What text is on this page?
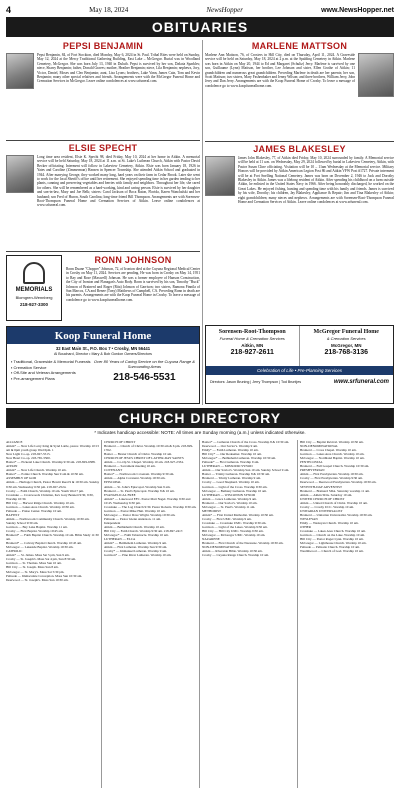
4	May 18, 2024	NewsHopper	www.NewsHopper.net
OBITUARIES
PEPSI BENJAMIN
Pepsi Benjamin, 84, of Fort Stockton, died Monday, May 6, 2024 in St. Paul. Tribal Rites were held on Sunday, May 12, 2024 at the Mercy Traditional Gathering Building, East Lake – McGregor. Burial was in Woodland Cemetery, McGregor. She was born July 13, 1940 in Duluth. Pepsi is survived by her son, Dakota Sparkles; niece, Sharry Benjamin; father, Donald Graves; mother, Heather Benjamin; niece, Lila Benjamin; nephews, Jory, Victor, Daniel, Moses and Cleo Benjamin; aunt, Lisa Lyons; brothers, Luke Vann, James Cain, Tom and Kevin Benjamin; many other special relatives and friends. Arrangements were with the McGregor Funeral Home and Cremation Services in McGregor. Leave online condolences at www.srfuneral.com.
ELSIE SPECHT
Long time area resident, Elsie K. Specht 98, died Friday, May 10, 2024 at her home in Aitkin. A memorial service will be held Saturday, May 18, 2024 at 11 a.m. at St. Luke's Lutheran Church, Aitkin with Pastor David Becker officiating. Interment will follow in Lakeview Cemetery, Aitkin. Elsie was born January 18, 1926 in Yates and Caroline (Zimmerman) Hansen in Spencer Township. She attended Aitkin School and graduated in 1944. After marrying George, they worked many long, hard years on their farm in Cedar Brook. Later she went to work for the local Sheriff's office until her retirement. She enjoyed spending time in her garden tending to her plants, canning and preserving vegetables and berries with family and neighbors. Throughout her life, she cared for others. She will be remembered as a hard-working, kind and caring person. Elsie is survived by her daughter and son-in-law, Mary and Joe Belk; sisters: Carol Jackson of Boca Raton, Florida, Karen Wanchalski and her husband; son Fred of Huron, South Carolina; long-time friend Bill Thompson. Arrangements are with Sorensen-Root-Thompson Funeral Home and Cremation Services of Aitkin. Leave online condolences at www.srfuneral.com.
MEMORIALS
Blomgren-Wennberg
218-927-3300
RONN JOHNSON
Ronn Duane "Chopper" Johnson, 72, of Ironton died at the Cuyuna Regional Medical Center in Crosby on May 11, 2024. Services are pending. He was born in Crosby on May 14, 1951 to Ray and Rose (Maxwell) Johnson. He was a former employee of Hanson Construction, the City of Ironton and Flanagan's Auto Body. Ronn is survived by his son, Timothy "Buck" Johnson of Brainerd and Roger (Rita) Johnson of Garrison; two sisters, Ramona Finnila of San Marcos, CA and Renee (Tony) Matthews of Campbell, CA. Preceding Ronn in death are his parents. Arrangements are with the Koop Funeral Home in Crosby. To leave a message of condolence go to www.koopfuneralhome.com.
Koop Funeral Home
32 East Main St., P.O. Box 7 • Crosby, MN 56441
Al Bouchard, Director • Mary & Bob Gordon Owners/Directors
▪ Traditional, Graveside & Memorial Funerals
▪ Cremation Service
▪ Off-Site and Veteran Arrangements
▪ Pre-arrangement Plans
Over 80 Years of Caring Service on the Cuyuna Range & Surrounding Areas
218-546-5531
MARLENE MATTSON
Marlene Ann Mattson, 76, of Crosiers in Hill City, died on Thursday, April 11, 2024. A Graveside service will be held on Saturday, May 18, 2024 at 2 p.m. at the Spalding Cemetery in Aitkin. Marlene was born in Aitkin on May 20, 1944 to Ed and Margaret (Schultz) Jerry. Marlene is survived by one son, Guillaume (Lynn) Mattson, her brother, Lee Johnson and sister, Ellen Grothe of Aitkin; 11 grandchildren and numerous great grandchildren. Preceding Marlene in death are her parents; her son, Scott Mattson; two sisters, Mary Fashenbaker and Jenny Wilson; and three brothers, William Jerry, John Jerry and Dan Jerry. Arrangements are with the Koop Funeral Home of Crosby. To leave a message of condolence go to www.koopfuneralhome.com.
JAMES BLAKESLEY
James John Blakesley, 77, of Aitkin died Friday, May 10, 2024 surrounded by family. A Memorial service will be held at 11 a.m. on Wednesday, May 29, 2024 followed by burial in Lakeview Cemetery, Aitkin, with Pastor Susan Cline officiating. Visitation will be 10 – 11am Wednesday at the Memorial service. Military Honors will be provided by Aitkin American Legion Post 86 and Aitkin VFW Post #1727. Private interment will be at Fort Snelling National Cemetery. James was born on December 2, 1946 to Jack and Dorothy Blakesley in Aitkin. James was a lifelong resident of Aitkin. After spending his childhood on a farm outside Aitkin, he enlisted in the United States Navy in 1966. After being honorably discharged, he worked on the Great Lakes. He enjoyed fishing, hunting and spending time with his family and friends. James is survived by his wife, Dorothy; his children, Jay Blakesley, Appliance & Repair; Jim and Tina Blakesley of Aitkin; eight grandchildren; many nieces and nephews. Arrangements are with Sorensen-Root-Thompson Funeral Home and Cremation Services of Aitkin. Leave online condolences at www.srfuneral.com.
Sorensen-Root-Thompson
Funeral Home & Cremation Services
Aitkin, MN
218-927-2611
McGregor Funeral Home
& Cremation Services
McGregor, MN
218-768-3136
Celebration of Life • Pre-Planning Services
Directors: Jason Bruning | Jerry Thompson | Tod Bruntjes	www.srfuneral.com
CHURCH DIRECTORY
* Indicates handicap accessible: NOTE: All times are Sunday morning (a.m.) unless indicated otherwise.
ALLIANCE
Aitkin* — New Life Larry King & Synd Lattle, pastor. Worship 10:15 am & 6pm youth group Wed 6pm. 1
New Light Co-op. 218-927-5515.
New Heart Co-op. 218-765-3500.
Baxter* — Pickerel Lake Church. Worship 9:30 am. 218-829-6388.
AITKIN
Aitkin* — New Life Church. Worship 10 am.
Baxter* — Pointe Church. Worship Sun 9 am & 10:30 am.
ASSEMBLY OF GOD
Aitkin — Heritage Church, Pastor Hewitt Reed 9 & 10:30 am. Sunday 9:30 am. Wednesday 6:30 pm. 218-927-2524.
Crosby — Faith Church, Worship 10 am. Youth Wed 7 pm.
Crosslake — Crosswoods Christian, Kev Gary Bennett 9:30, 9:30, Worship 10:30.
Hill City — Harvest Ridge Church. Worship 10 am.
Garrison — Lakes Area Church. Worship 10:30 am.
Palisade — Praise Center. Worship 10 am.
BAPTIST
Aitkin — Northwoods Community Church. Worship 10:30 am. Sunday School 9:30 am.
Garrison — Bay Lake Baptist. Worship 11 am.
Crosby — First Baptist. Worship 10:45 am.
Brainerd* — Faith Baptist Church. Worship 10 am. Bible Study 11:30 am.
Brainerd* — Calvary Baptist Church. Worship 10:45 am.
McGregor — Lakeside Baptist. Worship 10:30 am.
CATHOLIC
Aitkin* — St. James. Mass Sat 5 pm, Sun 9 am.
Crosby — St. Joseph's. Mass Sat 4 pm, Sun 8:30 am.
Garrison — St. Thomas. Mass Sun 10 am.
Hill City — St. Joseph. Mass Sun 8 am.
McGregor — St. Mary's. Mass Sat 5:30 pm.
Palisade — Immaculate Conception. Mass Sun 10:30 am.
Deerwood — St. Joseph's. Mass Sun 10:30 am.
CHURCH OF CHRIST
Brainerd — Church of Christ. Worship 10:30 am & 6 pm. 218-829-1762.
Baxter — Baxter Church of Christ. Worship 10 am.
CHURCH OF JESUS CHRIST OF LATTER-DAY SAINTS
Aitkin — Co-Op St. Chapel. Worship 10 am. 218-927-2334.
Brainerd — Sacrament meeting 10 am.
COVENANT
Baxter* — Northwoods Covenant. Worship 9:30 am.
Aitkin — Alpha Covenant. Worship 10:30 am.
EPISCOPAL
Aitkin — St. John's Episcopal. Worship Sun 9 am.
Brainerd — St. Paul's Episcopal. Worship 8 & 10 am.
EVANGELICAL FREE
Aitkin* — Lakewood EFC. Pastor Matt Nagel. Worship 9:30 and 10:45. Wednesday 6:30 pm.
Crosslake — The Log Church 9:30. Pastor Roberts. Worship 9:30 am.
Garrison — Pastor Mike Hutt. Worship 10 am.
McGregor — Pastor Dave Wright. Worship 10:30 am.
Palisade — Pastor Glenn Anderson. 11 am.
Independent
Aitkin — Bethlehem Church. Worship 10 am.
Hill City — Faith Church. Worship 9:30 am. 218-697-2417.
McGregor* — Faith Tabernacle. Worship 10 am.
LUTHERAN — ELCA
Aitkin* — Bethlehem Lutheran. Worship 9 am.
Aitkin — First Lutheran. Worship Sun 9:30 am.
Crosby* — Immanuel Lutheran. Worship 9 am.
Garrison* — Pine River Lutheran. Worship 10 am.
Baxter* — Lutheran Church of the Cross. Worship 8 & 10:30 am.
Deerwood — Our Savior's. Worship 9 am.
Emily* — Faith Lutheran. Worship 10 am.
Hill City* — Our Redeemer. Worship 10 am.
McGregor* — Bethlehem Lutheran. Worship 10:30 am.
Palisade* — First Lutheran. Worship 9 am.
LUTHERAN — MISSOURI SYNOD
Aitkin — Our Savior's. Worship Sun 10 am. Sunday School 9 am.
Baxter — Trinity Lutheran. Worship 8 & 10:30 am.
Brainerd — Trinity Lutheran. Worship 9 am.
Crosby — Good Shepherd. Worship 10 am.
Garrison — Light of the Cross. Worship 9:30 am.
McGregor — Bethany Lutheran. Worship 10 am.
LUTHERAN — WISCONSIN SYNOD
Aitkin — Grace Lutheran. Worship 9 am.
Brainerd — Our Savior's. Worship 10 am.
McGregor — St. Paul's. Worship 11 am.
METHODIST
Aitkin* — First United Methodist. Worship 10:30 am.
Crosby — First UMC. Worship 9 am.
Crosslake — Crosslake UMC. Worship 9:30 am.
Garrison — Light of the Lakes. Worship 9:30 am.
Hill City — Hill City UMC. Worship 9:30 am.
McGregor — McGregor UMC. Worship 10 am.
NAZARENE
Brainerd — First Church of the Nazarene. Worship 10:30 am.
NON-DENOMINATIONAL
Aitkin — Riverside Bible. Worship 10:30 am.
Crosby — Cuyuna Range Church. Worship 10 am.
Hill City — Baptist Revival. Worship 10:30 am.
NON-DENOMINATIONAL
Brainerd — Cross Chapel. Worship 10 am.
Garrison — Lakes Area Church. Worship 10 am.
McGregor — Northland Baptist. Worship 10 am.
PENTECOSTAL
Brainerd — Full Gospel Church. Worship 10:30 am.
PRESBYTERIAN
Aitkin — First Presbyterian. Worship 10:30 am.
Crosby — First Presbyterian. Worship 9:30 am.
Deerwood — Deerwood Presbyterian. Worship 10:30 am.
SEVENTH-DAY ADVENTIST
Brainerd — Brainerd SDA. Saturday worship 11 am.
Aitkin — Aitkin SDA. Saturday 10 am.
UNITED CHURCH OF CHRIST
Aitkin — United Church of Christ. Worship 10 am.
Crosby — Crosby UCC. Worship 10 am.
UNITARIAN UNIVERSALIST
Brainerd — Unitarian Universalist. Worship 10:30 am.
WESLEYAN
Emily — Wesleyan Church. Worship 10 am.
OTHER
Crosslake — Lakes Area Church. Worship 10 am.
Garrison — Church on the Lake. Worship 10 am.
Hill City — Pastor Roger Lynn. Worship 10 am.
McGregor — Lighthouse Church. Worship 10 am.
Palisade — Palisade Church. Worship 10 am.
Wealthwood — Church of God. Worship 10 am.
